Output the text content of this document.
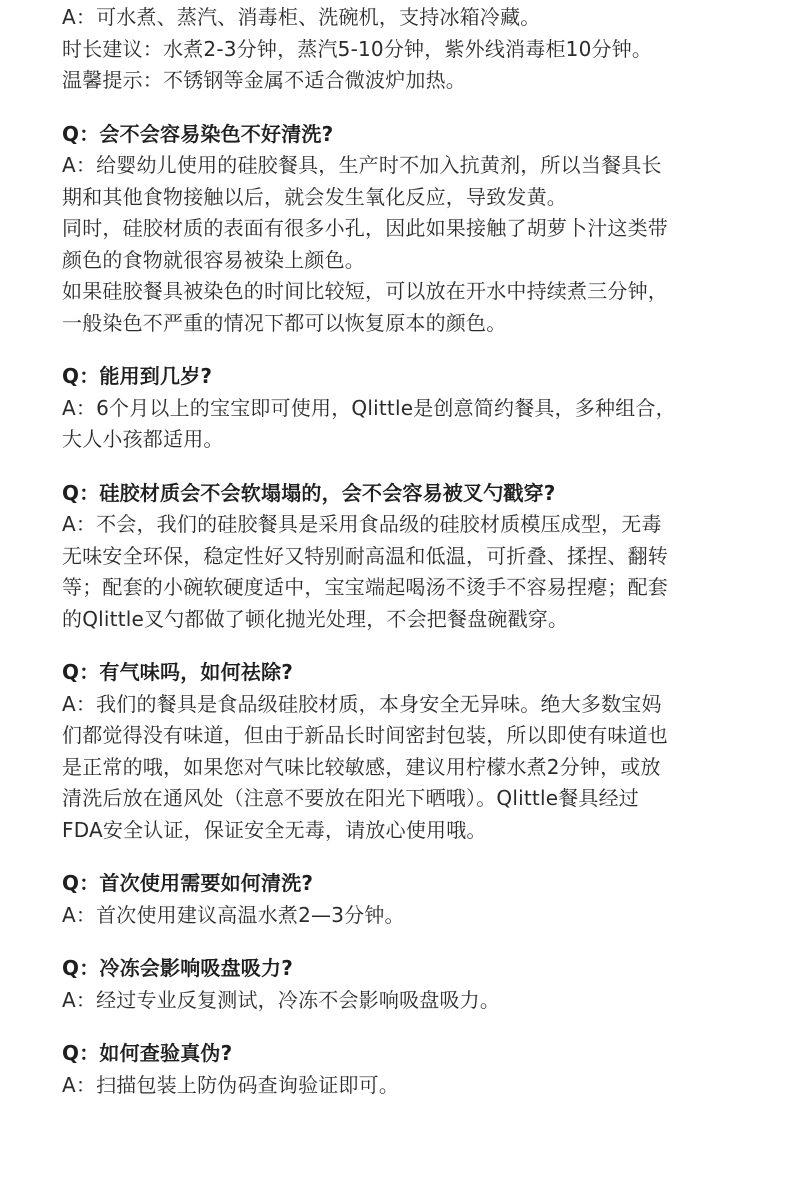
A：可水煮、蒸汽、消毒柜、洗碗机，支持冰箱冷藏。
时长建议：水煮2-3分钟，蒸汽5-10分钟，紫外线消毒柜10分钟。
温馨提示：不锈钢等金属不适合微波炉加热。
Q：会不会容易染色不好清洗?
A：给婴幼儿使用的硅胶餐具，生产时不加入抗黄剂，所以当餐具长
期和其他食物接触以后，就会发生氧化反应，导致发黄。
同时，硅胶材质的表面有很多小孔，因此如果接触了胡萝卜汁这类带
颜色的食物就很容易被染上颜色。
如果硅胶餐具被染色的时间比较短，可以放在开水中持续煮三分钟，
一般染色不严重的情况下都可以恢复原本的颜色。
Q：能用到几岁?
A：6个月以上的宝宝即可使用，Qlittle是创意简约餐具，多种组合，
大人小孩都适用。
Q：硅胶材质会不会软塌塌的，会不会容易被叉勺戳穿?
A：不会，我们的硅胶餐具是采用食品级的硅胶材质模压成型，无毒
无味安全环保，稳定性好又特别耐高温和低温，可折叠、揉捏、翻转
等；配套的小碗软硬度适中，宝宝端起喝汤不烫手不容易捏瘪；配套
的Qlittle叉勺都做了顿化抛光处理，不会把餐盘碗戳穿。
Q：有气味吗，如何祛除?
A：我们的餐具是食品级硅胶材质，本身安全无异味。绝大多数宝妈
们都觉得没有味道，但由于新品长时间密封包装，所以即使有味道也
是正常的哦，如果您对气味比较敏感，建议用柠檬水煮2分钟，或放
清洗后放在通风处（注意不要放在阳光下晒哦）。Qlittle餐具经过
FDA安全认证，保证安全无毒，请放心使用哦。
Q：首次使用需要如何清洗?
A：首次使用建议高温水煮2—3分钟。
Q：冷冻会影响吸盘吸力?
A：经过专业反复测试，冷冻不会影响吸盘吸力。
Q：如何查验真伪?
A：扫描包装上防伪码查询验证即可。
